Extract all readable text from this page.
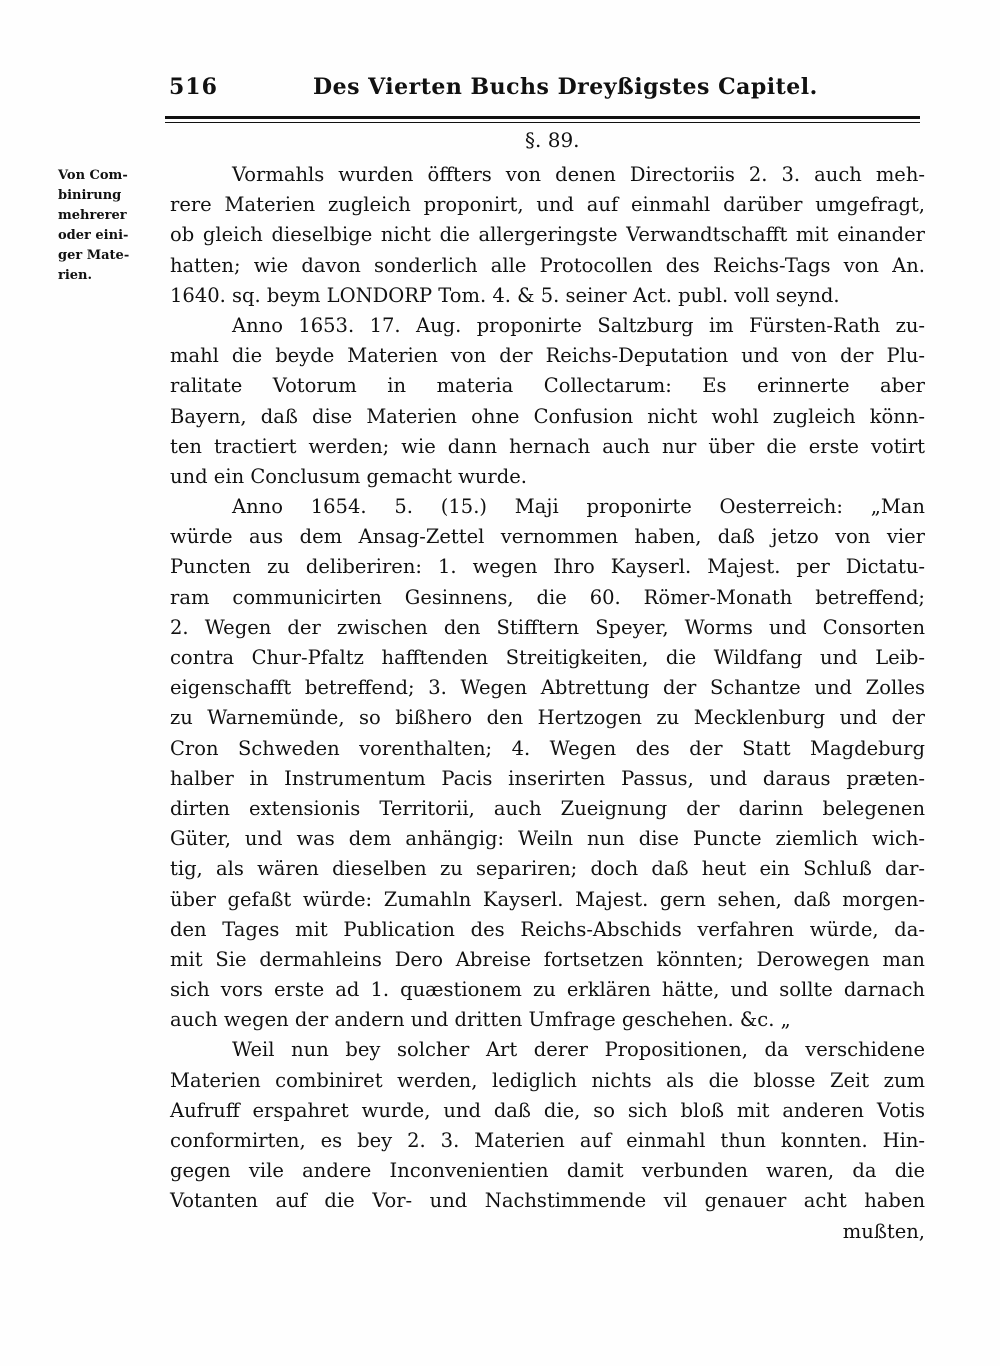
516	Des Vierten Buchs Dreyßigstes Capitel.
§. 89.
Von Com-
binirung
mehrerer
oder eini-
ger Mate-
rien.
Vormahls wurden öffters von denen Directoriis 2. 3. auch meh-
rere Materien zugleich proponirt, und auf einmahl darüber umgefragt,
ob gleich dieselbige nicht die allergeringste Verwandtschafft mit einander
hatten; wie davon sonderlich alle Protocollen des Reichs-Tags von An.
1640. sq. beym LONDORP Tom. 4. & 5. seiner Act. publ. voll seynd.
Anno 1653. 17. Aug. proponirte Saltzburg im Fürsten-Rath zu-
mahl die beyde Materien von der Reichs-Deputation und von der Plu-
ralitate Votorum in materia Collectarum: Es erinnerte aber
Bayern, daß dise Materien ohne Confusion nicht wohl zugleich könn-
ten tractiert werden; wie dann hernach auch nur über die erste votirt
und ein Conclusum gemacht wurde.
Anno 1654. 5. (15.) Maji proponirte Oesterreich: „Man
würde aus dem Ansag-Zettel vernommen haben, daß jetzo von vier
Puncten zu deliberiren: 1. wegen Ihro Kayserl. Majest. per Dictatu-
ram communicirten Gesinnens, die 60. Römer-Monath betreffend;
2. Wegen der zwischen den Stifftern Speyer, Worms und Consorten
contra Chur-Pfaltz hafftenden Streitigkeiten, die Wildfang und Leib-
eigenschafft betreffend; 3. Wegen Abtrettung der Schantze und Zolles
zu Warnemünde, so bißhero den Hertzogen zu Mecklenburg und der
Cron Schweden vorenthalten; 4. Wegen des der Statt Magdeburg
halber in Instrumentum Pacis inserirten Passus, und daraus præten-
dirten extensionis Territorii, auch Zueignung der darinn belegenen
Güter, und was dem anhängig: Weiln nun dise Puncte ziemlich wich-
tig, als wären dieselben zu separiren; doch daß heut ein Schluß dar-
über gefaßt würde: Zumahln Kayserl. Majest. gern sehen, daß morgen-
den Tages mit Publication des Reichs-Abschids verfahren würde, da-
mit Sie dermahleins Dero Abreise fortsetzen könnten; Derowegen man
sich vors erste ad 1. quæstionem zu erklären hätte, und sollte darnach
auch wegen der andern und dritten Umfrage geschehen. &c. „
Weil nun bey solcher Art derer Propositionen, da verschidene
Materien combiniret werden, lediglich nichts als die blosse Zeit zum
Aufruff erspahret wurde, und daß die, so sich bloß mit anderen Votis
conformirten, es bey 2. 3. Materien auf einmahl thun konnten. Hin-
gegen vile andere Inconvenientien damit verbunden waren, da die
Votanten auf die Vor- und Nachstimmende vil genauer acht haben
mußten,
